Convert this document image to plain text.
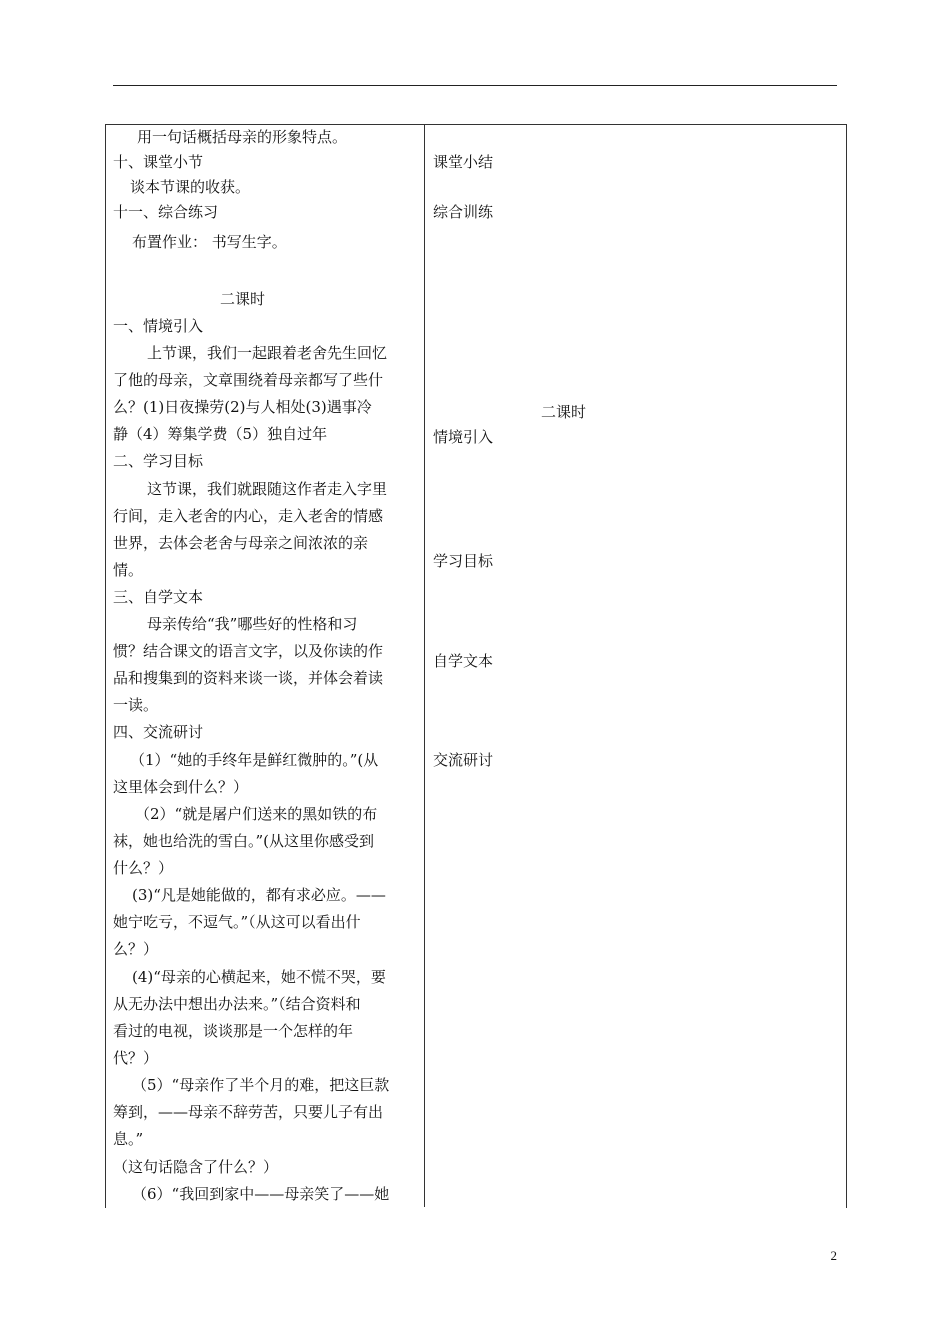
用一句话概括母亲的形象特点。
十、课堂小节
谈本节课的收获。
十一、综合练习
布置作业： 书写生字。
二课时
一、情境引入
上节课，我们一起跟着老舍先生回忆
了他的母亲，文章围绕着母亲都写了些什
么？(1)日夜操劳(2)与人相处(3)遇事冷
静（4）筹集学费（5）独自过年
二、学习目标
这节课，我们就跟随这作者走入字里
行间，走入老舍的内心，走入老舍的情感
世界，去体会老舍与母亲之间浓浓的亲
情。
三、自学文本
母亲传给“我”哪些好的性格和习
惯？结合课文的语言文字，以及你读的作
品和搜集到的资料来谈一谈，并体会着读
一读。
四、交流研讨
（1）“她的手终年是鲜红微肿的。”(从
这里体会到什么？）
（2）“就是屠户们送来的黑如铁的布
袜，她也给洗的雪白。”(从这里你感受到
什么？）
(3)“凡是她能做的，都有求必应。——
她宁吃亏，不逗气。”（从这可以看出什
么？）
(4)“母亲的心横起来，她不慌不哭，要
从无办法中想出办法来。”（结合资料和
看过的电视，谈谈那是一个怎样的年
代？）
（5）“母亲作了半个月的难，把这巨款
筹到，——母亲不辞劳苦，只要儿子有出
息。”
（这句话隐含了什么？）
（6）“我回到家中——母亲笑了——她
课堂小结
综合训练
二课时
情境引入
学习目标
自学文本
交流研讨
2
